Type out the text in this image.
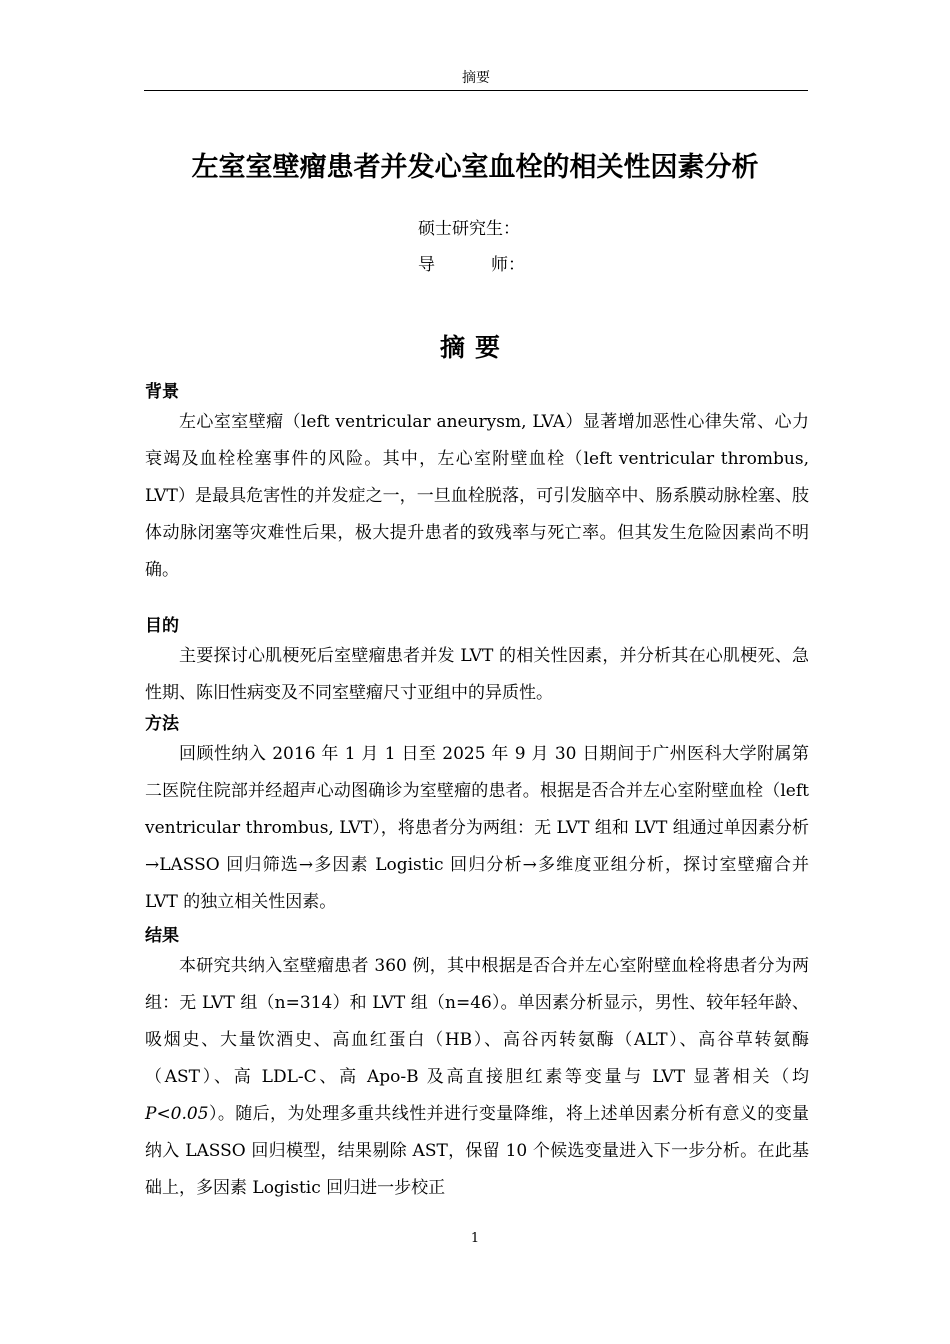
摘要
左室室壁瘤患者并发心室血栓的相关性因素分析
硕士研究生：
导	师：
摘要
背景

左心室室壁瘤（left ventricular aneurysm, LVA）显著增加恶性心律失常、心力衰竭及血栓栓塞事件的风险。其中，左心室附壁血栓（left ventricular thrombus, LVT）是最具危害性的并发症之一，一旦血栓脱落，可引发脑卒中、肠系膜动脉栓塞、肢体动脉闭塞等灾难性后果，极大提升患者的致残率与死亡率。但其发生危险因素尚不明确。

目的

主要探讨心肌梗死后室壁瘤患者并发 LVT 的相关性因素，并分析其在心肌梗死、急性期、陈旧性病变及不同室壁瘤尺寸亚组中的异质性。

方法

回顾性纳入 2016 年 1 月 1 日至 2025 年 9 月 30 日期间于广州医科大学附属第二医院住院部并经超声心动图确诊为室壁瘤的患者。根据是否合并左心室附壁血栓（left ventricular thrombus, LVT），将患者分为两组：无 LVT 组和 LVT 组通过单因素分析→LASSO 回归筛选→多因素 Logistic 回归分析→多维度亚组分析，探讨室壁瘤合并 LVT 的独立相关性因素。

结果

本研究共纳入室壁瘤患者 360 例，其中根据是否合并左心室附壁血栓将患者分为两组：无 LVT 组（n=314）和 LVT 组（n=46）。单因素分析显示，男性、较年轻年龄、吸烟史、大量饮酒史、高血红蛋白（HB）、高谷丙转氨酶（ALT）、高谷草转氨酶（AST）、高 LDL-C、高 Apo-B 及高直接胆红素等变量与 LVT 显著相关（均 P<0.05）。随后，为处理多重共线性并进行变量降维，将上述单因素分析有意义的变量纳入 LASSO 回归模型，结果剔除 AST，保留 10 个候选变量进入下一步分析。在此基础上，多因素 Logistic 回归进一步校正

1
